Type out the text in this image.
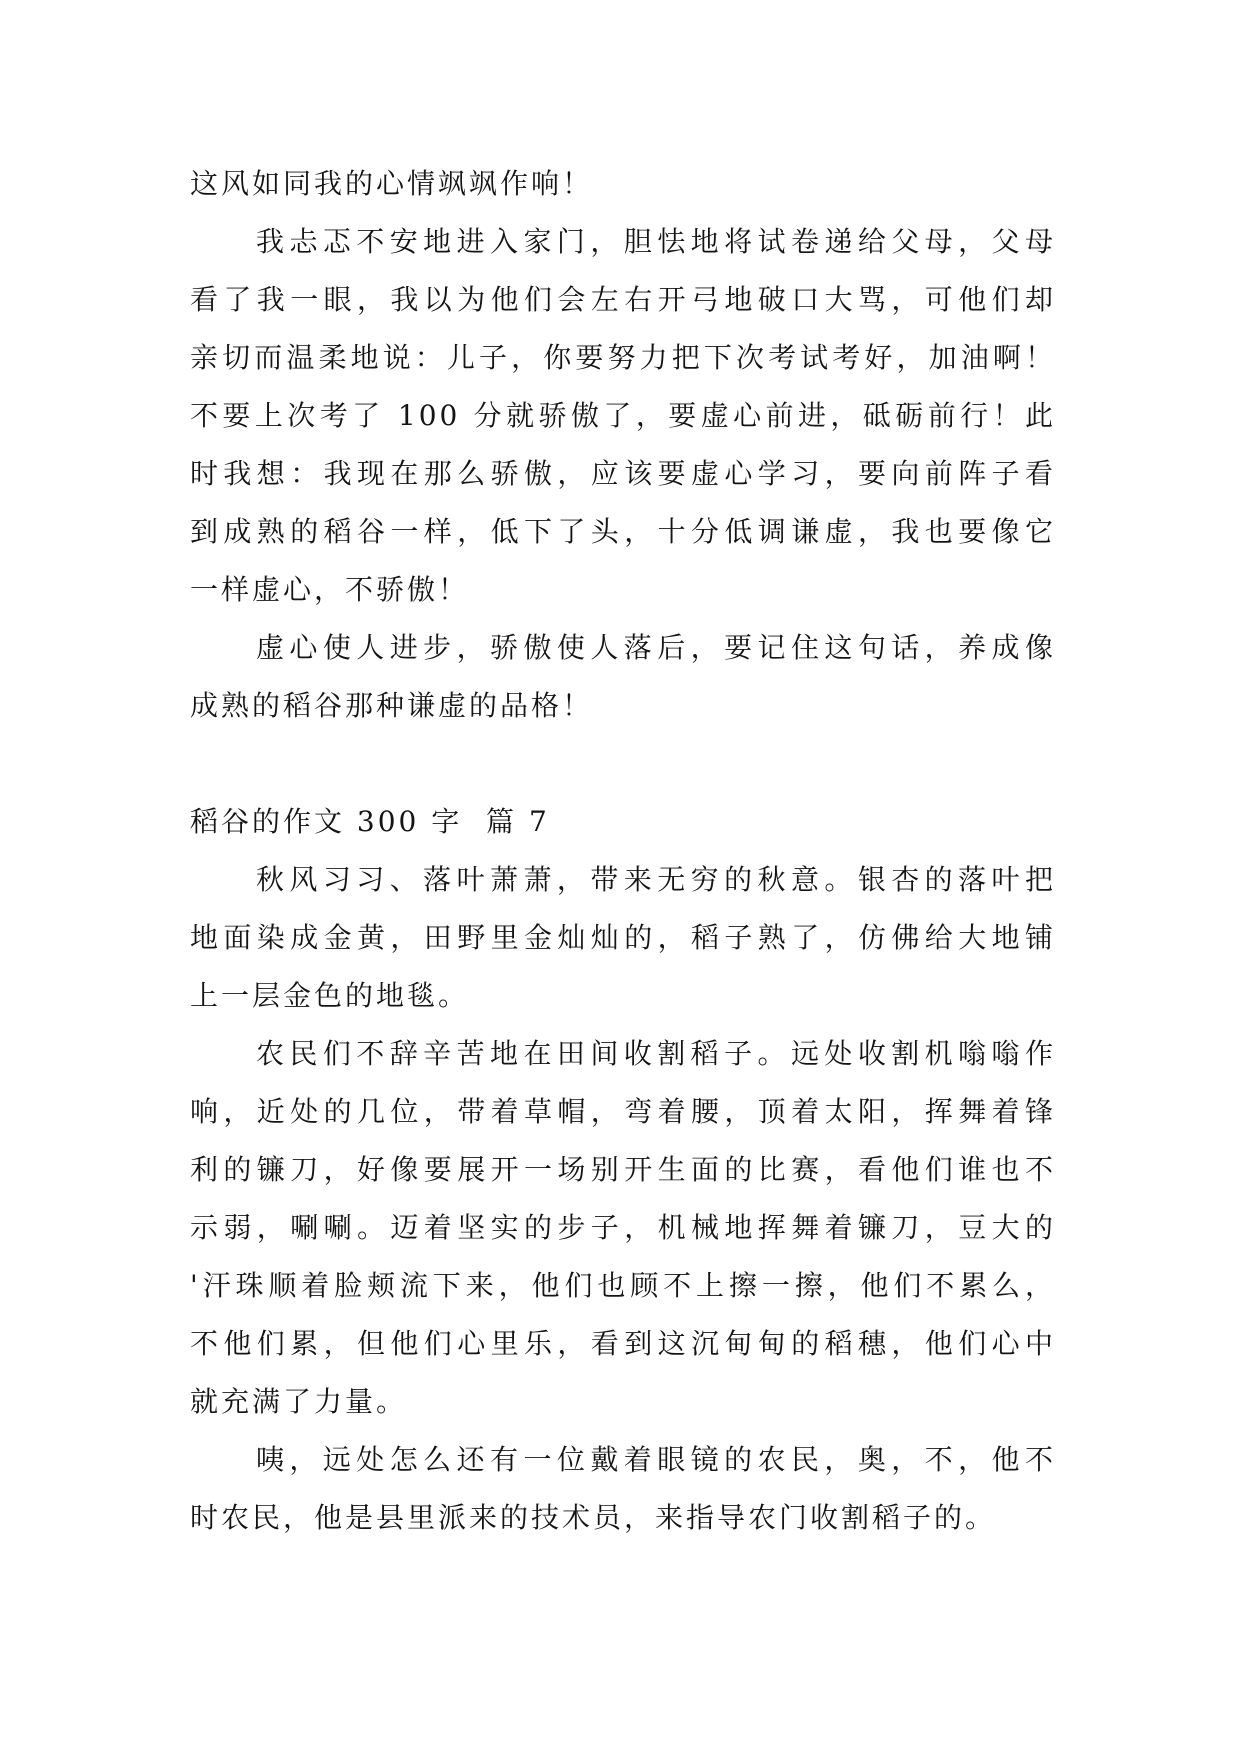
这风如同我的心情飒飒作响！
我忐忑不安地进入家门，胆怯地将试卷递给父母，父母
看了我一眼，我以为他们会左右开弓地破口大骂，可他们却
亲切而温柔地说：儿子，你要努力把下次考试考好，加油啊！
不要上次考了 100 分就骄傲了，要虚心前进，砥砺前行！此
时我想：我现在那么骄傲，应该要虚心学习，要向前阵子看
到成熟的稻谷一样，低下了头，十分低调谦虚，我也要像它
一样虚心，不骄傲！
虚心使人进步，骄傲使人落后，要记住这句话，养成像
成熟的稻谷那种谦虚的品格！
稻谷的作文 300 字  篇 7
秋风习习、落叶萧萧，带来无穷的秋意。银杏的落叶把
地面染成金黄，田野里金灿灿的，稻子熟了，仿佛给大地铺
上一层金色的地毯。
农民们不辞辛苦地在田间收割稻子。远处收割机嗡嗡作
响，近处的几位，带着草帽，弯着腰，顶着太阳，挥舞着锋
利的镰刀，好像要展开一场别开生面的比赛，看他们谁也不
示弱，唰唰。迈着坚实的步子，机械地挥舞着镰刀，豆大的
'汗珠顺着脸颊流下来，他们也顾不上擦一擦，他们不累么，
不他们累，但他们心里乐，看到这沉甸甸的稻穗，他们心中
就充满了力量。
咦，远处怎么还有一位戴着眼镜的农民，奥，不，他不
时农民，他是县里派来的技术员，来指导农门收割稻子的。
